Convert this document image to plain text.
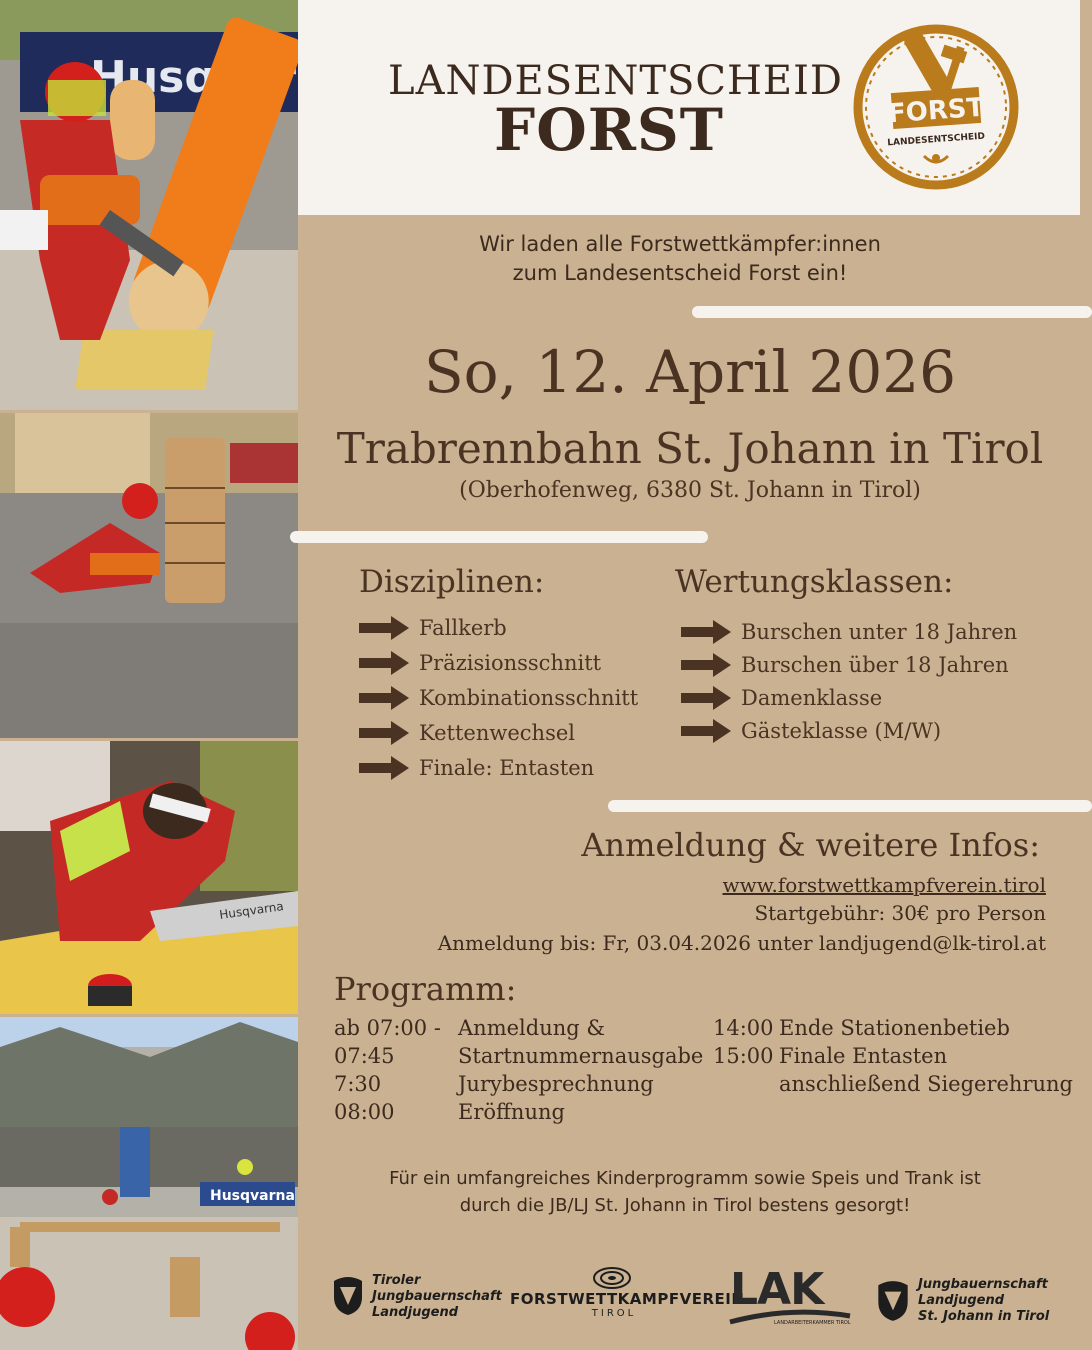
Husqvarna
Husqvarna
LANDESENTSCHEID
FORST	FORST
LANDESENTSCHEID
Wir laden alle Forstwettkämpfer:innen
zum Landesentscheid Forst ein!
So, 12. April 2026
Trabrennbahn St. Johann in Tirol
(Oberhofenweg, 6380 St. Johann in Tirol)
Disziplinen:
Fallkerb
Präzisionsschnitt
Kombinationsschnitt
Kettenwechsel
Finale: Entasten
Wertungsklassen:
Burschen unter 18 Jahren
Burschen über 18 Jahren
Damenklasse
Gästeklasse (M/W)
Anmeldung & weitere Infos:
www.forstwettkampfverein.tirol
Startgebühr: 30€ pro Person
Anmeldung bis: Fr, 03.04.2026 unter landjugend@lk-tirol.at
Programm:
ab 07:00 -
07:45
7:30
08:00
Anmeldung &
Startnummernausgabe
Jurybesprechnung
Eröffnung
14:00
15:00
Ende Stationenbetieb
Finale Entasten
anschließend Siegerehrung
Für ein umfangreiches Kinderprogramm sowie Speis und Trank ist
durch die JB/LJ St. Johann in Tirol bestens gesorgt!
Tiroler
Jungbauernschaft
Landjugend
FORSTWETTKAMPFVEREIN
TIROL	LAK
LANDARBEITERKAMMER TIROL
Jungbauernschaft
Landjugend
St. Johann in Tirol
